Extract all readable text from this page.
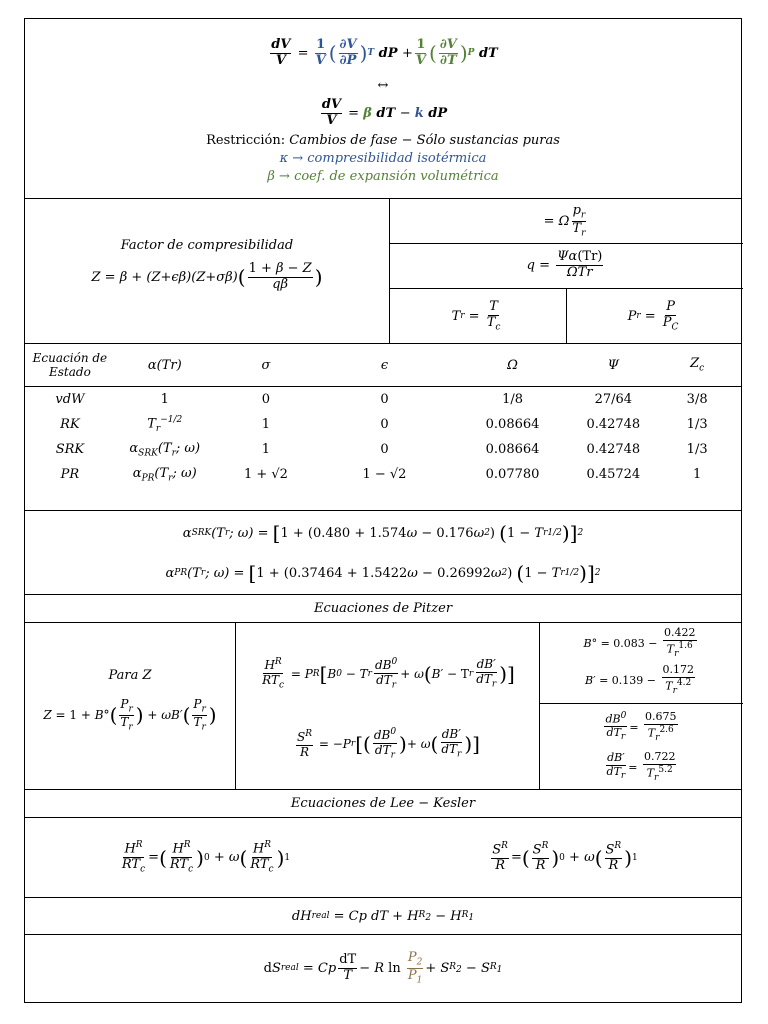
$\frac{dV}{V} = \frac{1}{V}$ ( $\frac{\partial V}{\partial P}$ ) T dP + $\frac{1}{V}$ ( $\frac{\partial V}{\partial T}$ ) P dT
↔
$\frac{dV}{V} = \beta$ dT − k dP
Restricción:
Cambios de fase − Sólo sustancias puras
κ → compresibilidad isotérmica
β → coef. de expansión volumétrica
Factor de compresibilidad
Z = β + (Z + ϵβ)(Z + σβ) ( $\frac{1 + \beta - Z}{q\beta}$ )
= Ω $\frac{p_r}{T_r}$
$q = \frac{\Psi\alpha(Tr)}{\text{ΩTr}}$
T $r = \frac{T}{T_c}$	P $r = \frac{P}{P_C}$
Ecuación de
Estado	α(Tr)	σ	ϵ	Ω	Ψ	$Z_c$
vdW	1	0	0	1/8	27/64	3/8
RK	$T_r^{-1/2}$	1	0	0.08664	0.42748	1/3
SRK	$\alpha_{SRK}(T_r$; ω)	1	0	0.08664	0.42748	1/3
PR	$\alpha_{PR}(T_r$; ω)	1 + √2	1 − √2	0.07780	0.45724	1
α SRK (T r ; ω) = [ 1 + ( 0.480 + 1.574 ω − 0.176 ω 2 )
( 1 − T r 1/2 ) ] 2
α PR (T r ; ω) = [ 1 + ( 0.37464 + 1.5422 ω − 0.26992 ω 2 )
( 1 − T r 1/2 ) ] 2
Ecuaciones de Pitzer
Para Z
Z = 1 + B° ( $\frac{P_r}{T_r}$ ) + ωB′ ( $\frac{P_r}{T_r}$ )
$\frac{H^R}{RT_c} = P$ R [ B 0 − T r $\frac{dB^0}{dT_r} + \omega$ ( B′ − T r $\frac{dB'}{dT_r}$ ) ]
$\frac{S^R}{R}$ = − P r [ ( $\frac{dB^0}{dT_r}$ ) + ω ( $\frac{dB'}{dT_r}$ ) ]
$B^\circ = 0.083 - \frac{0.422}{T_r^{1.6}}$
$B' = 0.139 - \frac{0.172}{T_r^{4.2}}$
$\frac{dB^0}{dT_r} = \frac{0.675}{T_r^{2.6}}$
$\frac{dB'}{dT_r} = \frac{0.722}{T_r^{5.2}}$
Ecuaciones de Lee − Kesler
$\frac{H^R}{RT_c}$ = ( $\frac{H^R}{RT_c}$ ) 0 + ω ( $\frac{H^R}{RT_c}$ ) 1	$\frac{S^R}{R}$ = ( $\frac{S^R}{R}$ ) 0 + ω ( $\frac{S^R}{R}$ ) 1
dH real = Cp dT + H $R_2 - H$ $R_1$
d S real = Cp $\frac{dT}{T} - R$ $\ln \frac{P_2}{P_1} + S$ $R_2 - S$ $R_1$
